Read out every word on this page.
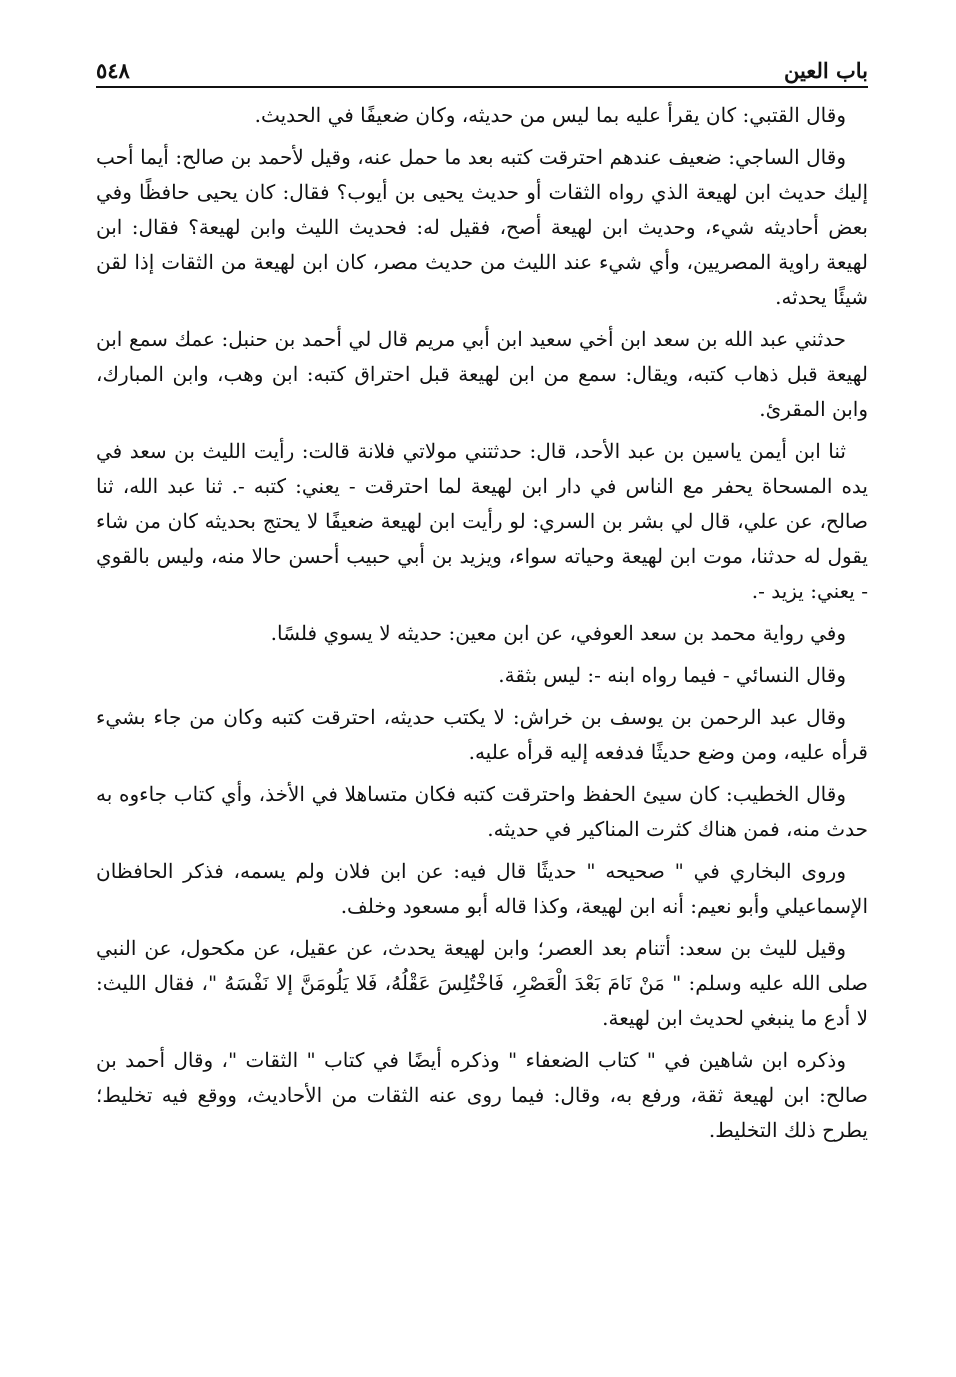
باب العين
٥٤٨

وقال القتبي: كان يقرأ عليه بما ليس من حديثه، وكان ضعيفًا في الحديث.

وقال الساجي: ضعيف عندهم احترقت كتبه بعد ما حمل عنه، وقيل لأحمد بن صالح: أيما أحب إليك حديث ابن لهيعة الذي رواه الثقات أو حديث يحيى بن أيوب؟ فقال: كان يحيى حافظًا وفي بعض أحاديثه شيء، وحديث ابن لهيعة أصح، فقيل له: فحديث الليث وابن لهيعة؟ فقال: ابن لهيعة راوية المصريين، وأي شيء عند الليث من حديث مصر، كان ابن لهيعة من الثقات إذا لقن شيئًا يحدثه.

حدثني عبد الله بن سعد ابن أخي سعيد ابن أبي مريم قال لي أحمد بن حنبل: عمك سمع ابن لهيعة قبل ذهاب كتبه، ويقال: سمع من ابن لهيعة قبل احتراق كتبه: ابن وهب، وابن المبارك، وابن المقرئ.

ثنا ابن أيمن ياسين بن عبد الأحد، قال: حدثتني مولاتي فلانة قالت: رأيت الليث بن سعد في يده المسحاة يحفر مع الناس في دار ابن لهيعة لما احترقت - يعني: كتبه -. ثنا عبد الله، ثنا صالح، عن علي، قال لي بشر بن السري: لو رأيت ابن لهيعة ضعيفًا لا يحتج بحديثه كان من شاء يقول له حدثنا، موت ابن لهيعة وحياته سواء، ويزيد بن أبي حبيب أحسن حالا منه، وليس بالقوي - يعني: يزيد -.

وفي رواية محمد بن سعد العوفي، عن ابن معين: حديثه لا يسوي فلسًا.

وقال النسائي - فيما رواه ابنه -: ليس بثقة.

وقال عبد الرحمن بن يوسف بن خراش: لا يكتب حديثه، احترقت كتبه وكان من جاء بشيء قرأه عليه، ومن وضع حديثًا فدفعه إليه قرأه عليه.

وقال الخطيب: كان سيئ الحفظ واحترقت كتبه فكان متساهلا في الأخذ، وأي كتاب جاءوه به حدث منه، فمن هناك كثرت المناكير في حديثه.

وروى البخاري في " صحيحه " حديثًا قال فيه: عن ابن فلان ولم يسمه، فذكر الحافظان الإسماعيلي وأبو نعيم: أنه ابن لهيعة، وكذا قاله أبو مسعود وخلف.

وقيل لليث بن سعد: أتنام بعد العصر؛ وابن لهيعة يحدث، عن عقيل، عن مكحول، عن النبي صلى الله عليه وسلم: " مَنْ نَامَ بَعْدَ الْعَصْرِ، فَاخْتُلِسَ عَقْلُهُ، فَلا يَلُومَنَّ إلا نَفْسَهُ "، فقال الليث: لا أدع ما ينبغي لحديث ابن لهيعة.

وذكره ابن شاهين في " كتاب الضعفاء " وذكره أيضًا في كتاب " الثقات "، وقال أحمد بن صالح: ابن لهيعة ثقة، ورفع به، وقال: فيما روى عنه الثقات من الأحاديث، ووقع فيه تخليط؛ يطرح ذلك التخليط.
